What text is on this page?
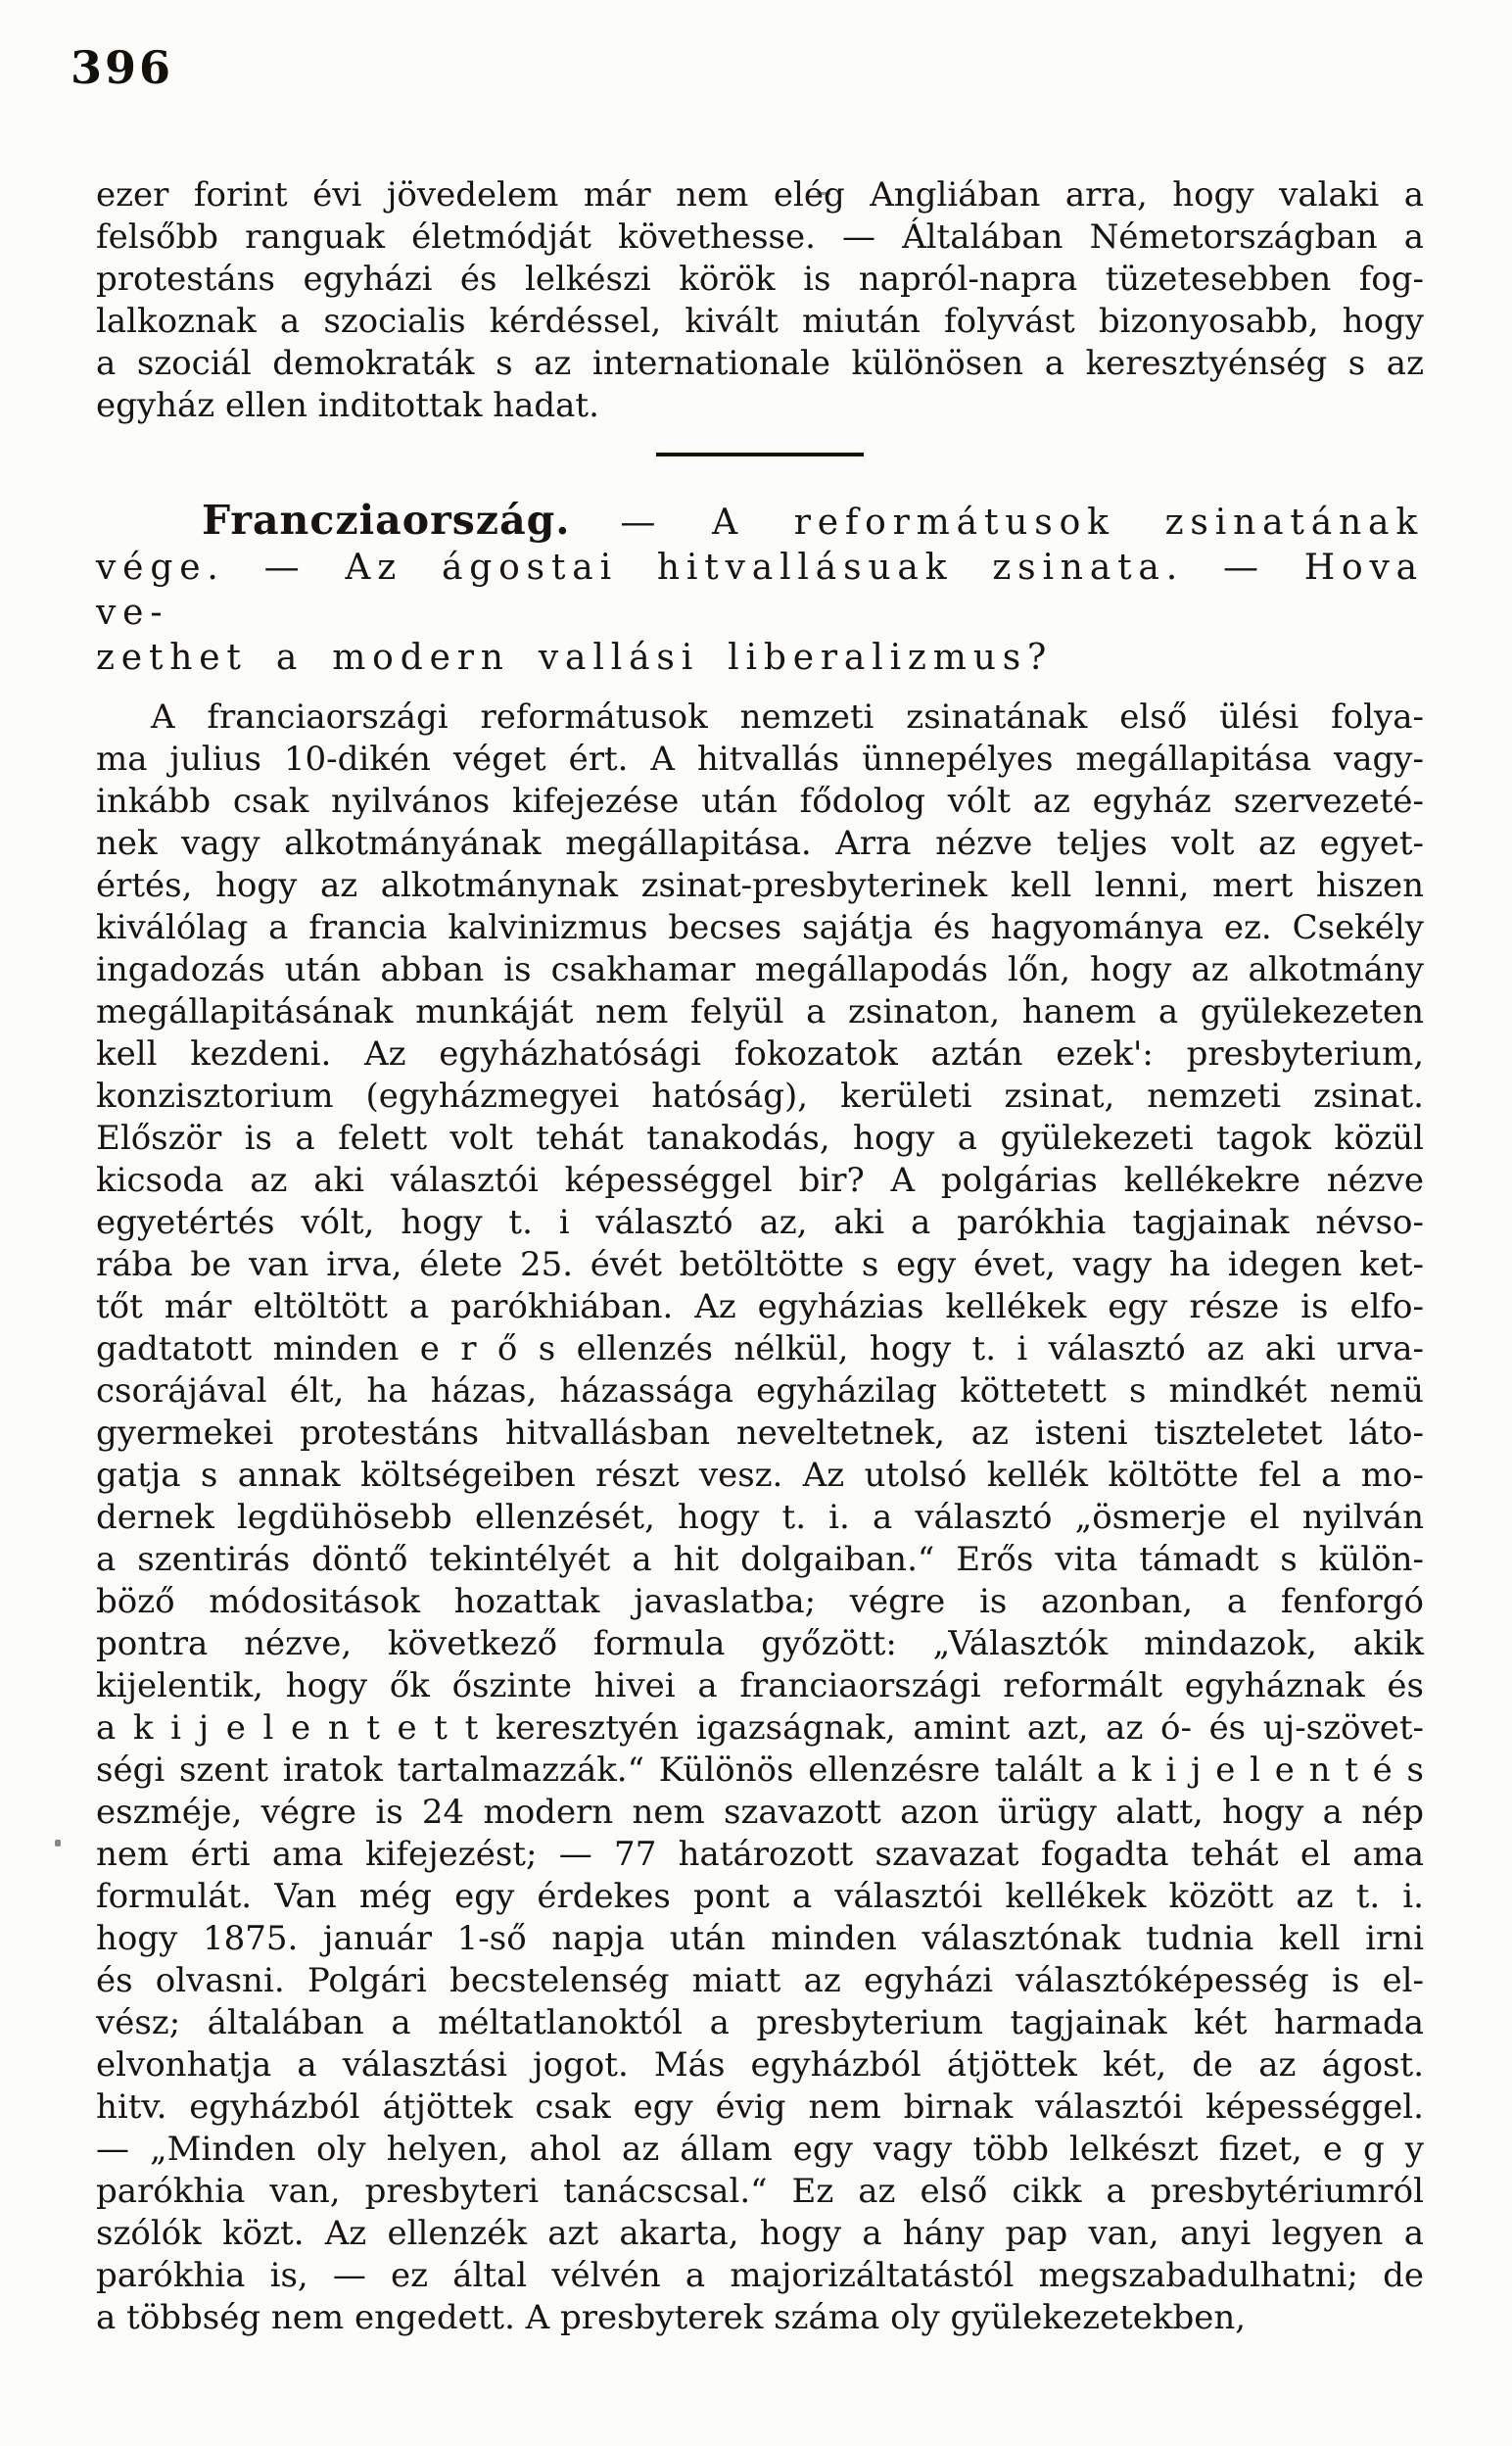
396
ezer forint évi jövedelem már nem elég Angliában arra, hogy valaki a
felsőbb ranguak életmódját követhesse. — Általában Németországban a
protestáns egyházi és lelkészi körök is napról-napra tüzetesebben fog-
lalkoznak a szocialis kérdéssel, kivált miután folyvást bizonyosabb, hogy
a szociál demokraták s az internationale különösen a keresztyénség s az
egyház ellen inditottak hadat.
Francziaország. — A reformátusok zsinatának
vége. — Az ágostai hitvallásuak zsinata. — Hova ve-
zethet a modern vallási liberalizmus?
A franciaországi reformátusok nemzeti zsinatának első ülési folya-
ma julius 10-dikén véget ért. A hitvallás ünnepélyes megállapitása vagy-
inkább csak nyilvános kifejezése után fődolog vólt az egyház szervezeté-
nek vagy alkotmányának megállapitása. Arra nézve teljes volt az egyet-
értés, hogy az alkotmánynak zsinat-presbyterinek kell lenni, mert hiszen
kiválólag a francia kalvinizmus becses sajátja és hagyománya ez. Csekély
ingadozás után abban is csakhamar megállapodás lőn, hogy az alkotmány
megállapitásának munkáját nem felyül a zsinaton, hanem a gyülekezeten
kell kezdeni. Az egyházhatósági fokozatok aztán ezek': presbyterium,
konzisztorium (egyházmegyei hatóság), kerületi zsinat, nemzeti zsinat.
Először is a felett volt tehát tanakodás, hogy a gyülekezeti tagok közül
kicsoda az aki választói képességgel bir? A polgárias kellékekre nézve
egyetértés vólt, hogy t. i választó az, aki a parókhia tagjainak névso-
rába be van irva, élete 25. évét betöltötte s egy évet, vagy ha idegen ket-
tőt már eltöltött a parókhiában. Az egyházias kellékek egy része is elfo-
gadtatott minden e r ő s ellenzés nélkül, hogy t. i választó az aki urva-
csorájával élt, ha házas, házassága egyházilag köttetett s mindkét nemü
gyermekei protestáns hitvallásban neveltetnek, az isteni tiszteletet láto-
gatja s annak költségeiben részt vesz. Az utolsó kellék költötte fel a mo-
dernek legdühösebb ellenzését, hogy t. i. a választó „ösmerje el nyilván
a szentirás döntő tekintélyét a hit dolgaiban.“ Erős vita támadt s külön-
böző módositások hozattak javaslatba; végre is azonban, a fenforgó
pontra nézve, következő formula győzött: „Választók mindazok, akik
kijelentik, hogy ők őszinte hivei a franciaországi reformált egyháznak és
a k i j e l e n t e t t keresztyén igazságnak, amint azt, az ó- és uj-szövet-
ségi szent iratok tartalmazzák.“ Különös ellenzésre talált a k i j e l e n t é s
eszméje, végre is 24 modern nem szavazott azon ürügy alatt, hogy a nép
nem érti ama kifejezést; — 77 határozott szavazat fogadta tehát el ama
formulát. Van még egy érdekes pont a választói kellékek között az t. i.
hogy 1875. január 1-ső napja után minden választónak tudnia kell irni
és olvasni. Polgári becstelenség miatt az egyházi választóképesség is el-
vész; általában a méltatlanoktól a presbyterium tagjainak két harmada
elvonhatja a választási jogot. Más egyházból átjöttek két, de az ágost.
hitv. egyházból átjöttek csak egy évig nem birnak választói képességgel.
— „Minden oly helyen, ahol az állam egy vagy több lelkészt fizet, e g y
parókhia van, presbyteri tanácscsal.“ Ez az első cikk a presbytériumról
szólók közt. Az ellenzék azt akarta, hogy a hány pap van, anyi legyen a
parókhia is, — ez által vélvén a majorizáltatástól megszabadulhatni; de
a többség nem engedett. A presbyterek száma oly gyülekezetekben,
